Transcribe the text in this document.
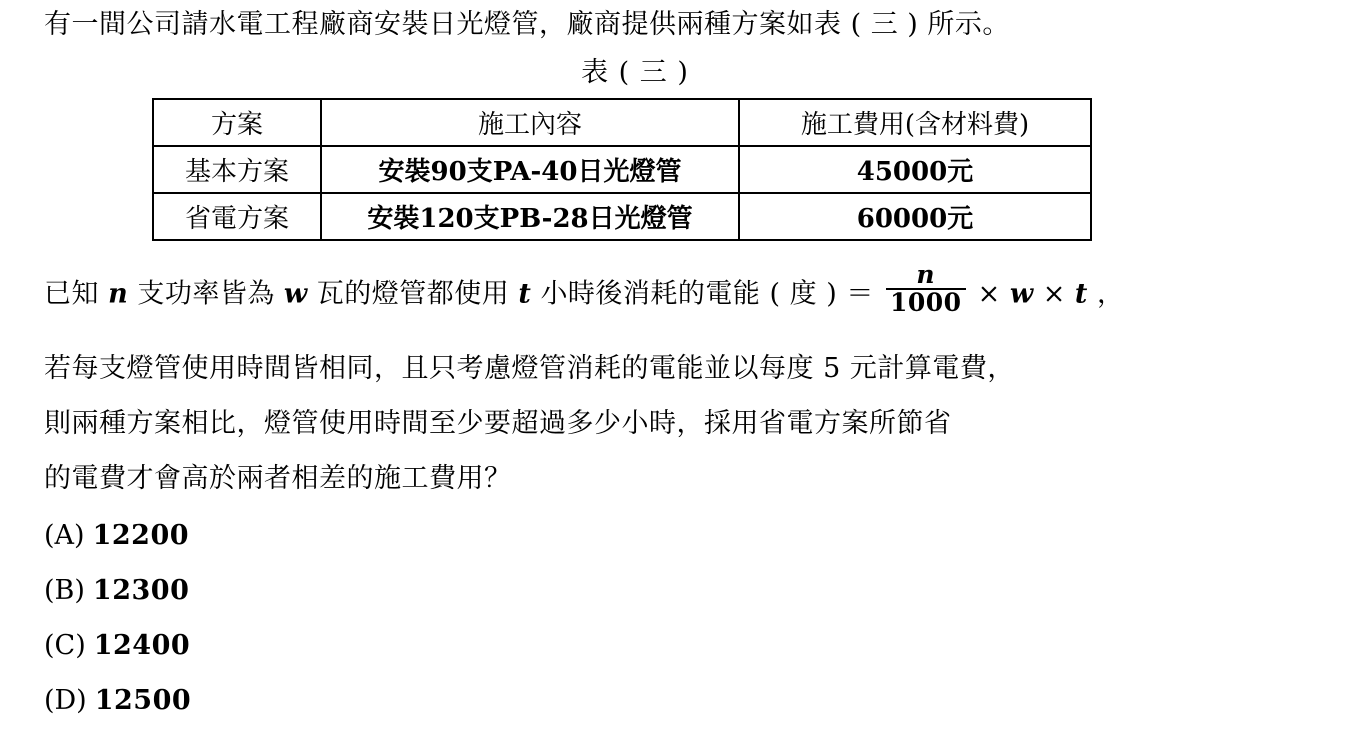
有一間公司請水電工程廠商安裝日光燈管，廠商提供兩種方案如表 ( 三 ) 所示。
表 ( 三 )
方案	施工內容	施工費用(含材料費)
基本方案	安裝90支PA-40日光燈管	45000元
省電方案	安裝120支PB-28日光燈管	60000元
已知 n 支功率皆為 w 瓦的燈管都使用 t 小時後消耗的電能 ( 度 ) ＝ $\frac{n}{1000} \times w \times t$ ，
若每支燈管使用時間皆相同，且只考慮燈管消耗的電能並以每度 5 元計算電費，
則兩種方案相比，燈管使用時間至少要超過多少小時，採用省電方案所節省
的電費才會高於兩者相差的施工費用？
(A) 12200
(B) 12300
(C) 12400
(D) 12500
